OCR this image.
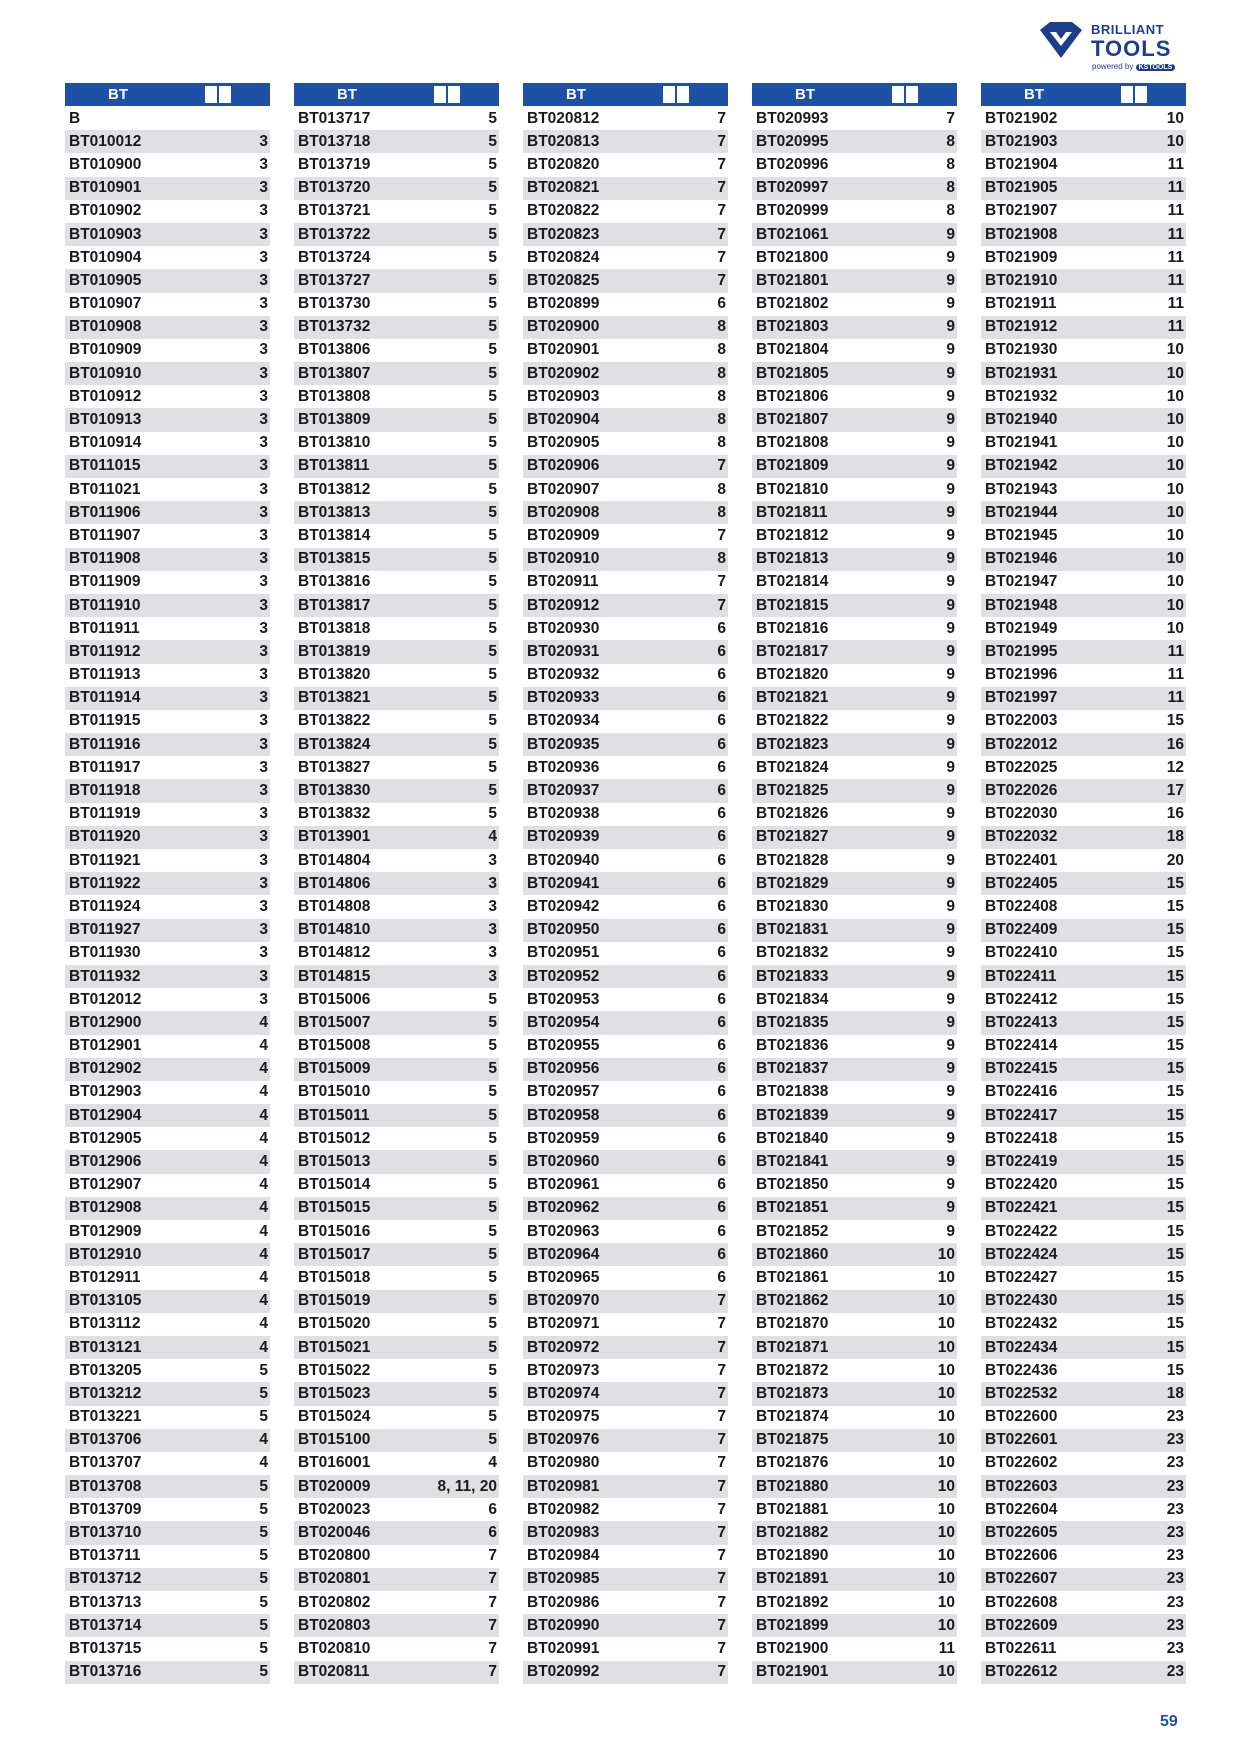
BRILLIANT
TOOLS
powered by KSTOOLS
BT
B
BT010012	3
BT010900	3
BT010901	3
BT010902	3
BT010903	3
BT010904	3
BT010905	3
BT010907	3
BT010908	3
BT010909	3
BT010910	3
BT010912	3
BT010913	3
BT010914	3
BT011015	3
BT011021	3
BT011906	3
BT011907	3
BT011908	3
BT011909	3
BT011910	3
BT011911	3
BT011912	3
BT011913	3
BT011914	3
BT011915	3
BT011916	3
BT011917	3
BT011918	3
BT011919	3
BT011920	3
BT011921	3
BT011922	3
BT011924	3
BT011927	3
BT011930	3
BT011932	3
BT012012	3
BT012900	4
BT012901	4
BT012902	4
BT012903	4
BT012904	4
BT012905	4
BT012906	4
BT012907	4
BT012908	4
BT012909	4
BT012910	4
BT012911	4
BT013105	4
BT013112	4
BT013121	4
BT013205	5
BT013212	5
BT013221	5
BT013706	4
BT013707	4
BT013708	5
BT013709	5
BT013710	5
BT013711	5
BT013712	5
BT013713	5
BT013714	5
BT013715	5
BT013716	5
BT
BT013717	5
BT013718	5
BT013719	5
BT013720	5
BT013721	5
BT013722	5
BT013724	5
BT013727	5
BT013730	5
BT013732	5
BT013806	5
BT013807	5
BT013808	5
BT013809	5
BT013810	5
BT013811	5
BT013812	5
BT013813	5
BT013814	5
BT013815	5
BT013816	5
BT013817	5
BT013818	5
BT013819	5
BT013820	5
BT013821	5
BT013822	5
BT013824	5
BT013827	5
BT013830	5
BT013832	5
BT013901	4
BT014804	3
BT014806	3
BT014808	3
BT014810	3
BT014812	3
BT014815	3
BT015006	5
BT015007	5
BT015008	5
BT015009	5
BT015010	5
BT015011	5
BT015012	5
BT015013	5
BT015014	5
BT015015	5
BT015016	5
BT015017	5
BT015018	5
BT015019	5
BT015020	5
BT015021	5
BT015022	5
BT015023	5
BT015024	5
BT015100	5
BT016001	4
BT020009	8, 11, 20
BT020023	6
BT020046	6
BT020800	7
BT020801	7
BT020802	7
BT020803	7
BT020810	7
BT020811	7
BT
BT020812	7
BT020813	7
BT020820	7
BT020821	7
BT020822	7
BT020823	7
BT020824	7
BT020825	7
BT020899	6
BT020900	8
BT020901	8
BT020902	8
BT020903	8
BT020904	8
BT020905	8
BT020906	7
BT020907	8
BT020908	8
BT020909	7
BT020910	8
BT020911	7
BT020912	7
BT020930	6
BT020931	6
BT020932	6
BT020933	6
BT020934	6
BT020935	6
BT020936	6
BT020937	6
BT020938	6
BT020939	6
BT020940	6
BT020941	6
BT020942	6
BT020950	6
BT020951	6
BT020952	6
BT020953	6
BT020954	6
BT020955	6
BT020956	6
BT020957	6
BT020958	6
BT020959	6
BT020960	6
BT020961	6
BT020962	6
BT020963	6
BT020964	6
BT020965	6
BT020970	7
BT020971	7
BT020972	7
BT020973	7
BT020974	7
BT020975	7
BT020976	7
BT020980	7
BT020981	7
BT020982	7
BT020983	7
BT020984	7
BT020985	7
BT020986	7
BT020990	7
BT020991	7
BT020992	7
BT
BT020993	7
BT020995	8
BT020996	8
BT020997	8
BT020999	8
BT021061	9
BT021800	9
BT021801	9
BT021802	9
BT021803	9
BT021804	9
BT021805	9
BT021806	9
BT021807	9
BT021808	9
BT021809	9
BT021810	9
BT021811	9
BT021812	9
BT021813	9
BT021814	9
BT021815	9
BT021816	9
BT021817	9
BT021820	9
BT021821	9
BT021822	9
BT021823	9
BT021824	9
BT021825	9
BT021826	9
BT021827	9
BT021828	9
BT021829	9
BT021830	9
BT021831	9
BT021832	9
BT021833	9
BT021834	9
BT021835	9
BT021836	9
BT021837	9
BT021838	9
BT021839	9
BT021840	9
BT021841	9
BT021850	9
BT021851	9
BT021852	9
BT021860	10
BT021861	10
BT021862	10
BT021870	10
BT021871	10
BT021872	10
BT021873	10
BT021874	10
BT021875	10
BT021876	10
BT021880	10
BT021881	10
BT021882	10
BT021890	10
BT021891	10
BT021892	10
BT021899	10
BT021900	11
BT021901	10
BT
BT021902	10
BT021903	10
BT021904	11
BT021905	11
BT021907	11
BT021908	11
BT021909	11
BT021910	11
BT021911	11
BT021912	11
BT021930	10
BT021931	10
BT021932	10
BT021940	10
BT021941	10
BT021942	10
BT021943	10
BT021944	10
BT021945	10
BT021946	10
BT021947	10
BT021948	10
BT021949	10
BT021995	11
BT021996	11
BT021997	11
BT022003	15
BT022012	16
BT022025	12
BT022026	17
BT022030	16
BT022032	18
BT022401	20
BT022405	15
BT022408	15
BT022409	15
BT022410	15
BT022411	15
BT022412	15
BT022413	15
BT022414	15
BT022415	15
BT022416	15
BT022417	15
BT022418	15
BT022419	15
BT022420	15
BT022421	15
BT022422	15
BT022424	15
BT022427	15
BT022430	15
BT022432	15
BT022434	15
BT022436	15
BT022532	18
BT022600	23
BT022601	23
BT022602	23
BT022603	23
BT022604	23
BT022605	23
BT022606	23
BT022607	23
BT022608	23
BT022609	23
BT022611	23
BT022612	23
59
